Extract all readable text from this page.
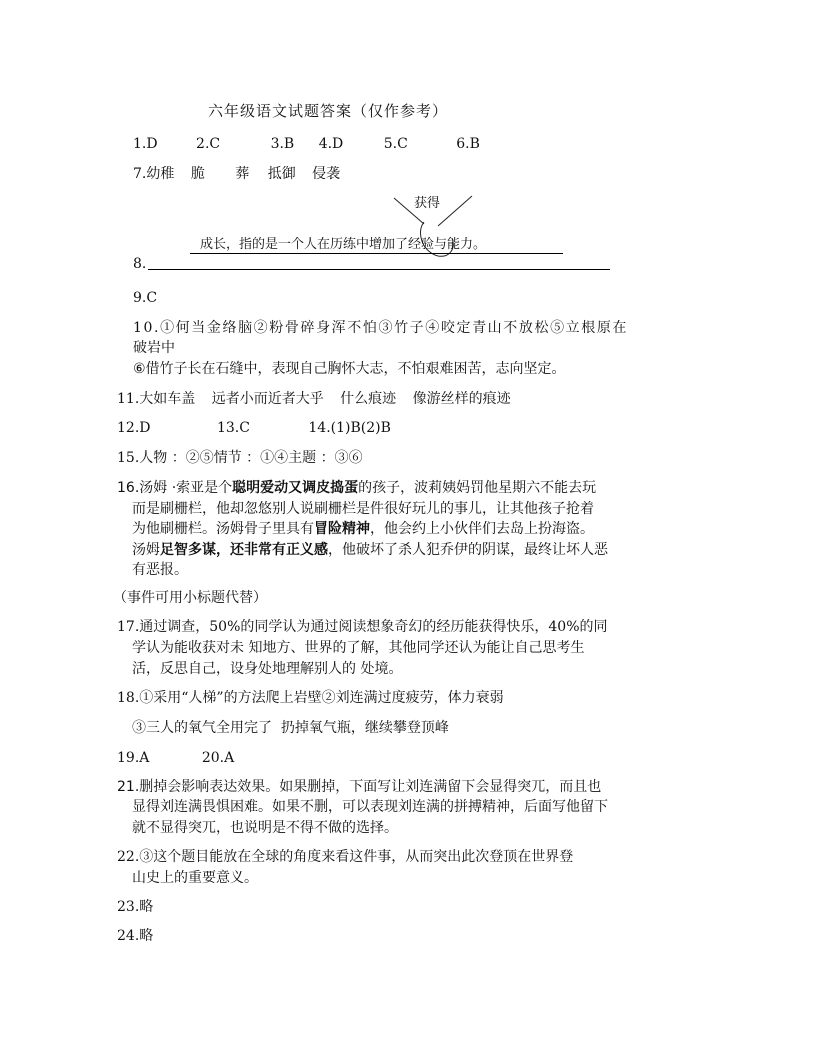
六年级语文试题答案（仅作参考）
1.D	2.C	3.B 4.D	5.C	6.B
7.幼稚 脆 葬 抵御 侵袭
获得
成长，指的是一个人在历练中增加了经验与能力。
8.
9.C
10.①何当金络脑②粉骨碎身浑不怕③竹子④咬定青山不放松⑤立根原在
破岩中
⑥借竹子长在石缝中，表现自己胸怀大志，不怕艰难困苦，志向坚定。
11.大如车盖 远者小而近者大乎 什么痕迹 像游丝样的痕迹
12.D	13.C	14.(1)B(2)B
15.人物 ：②⑤情节 ：①④主题 ：③⑥
16.汤姆 ·索亚是个聪明爱动又调皮捣蛋的孩子，波莉姨妈罚他星期六不能去玩
而是刷栅栏，他却忽悠别人说刷栅栏是件很好玩儿的事儿，让其他孩子抢着
为他刷栅栏。汤姆骨子里具有冒险精神，他会约上小伙伴们去岛上扮海盗。
汤姆足智多谋，还非常有正义感，他破坏了杀人犯乔伊的阴谋，最终让坏人恶
有恶报。
（事件可用小标题代替）
17.通过调查，50%的同学认为通过阅读想象奇幻的经历能获得快乐，40%的同
学认为能收获对未 知地方、世界的了解，其他同学还认为能让自己思考生
活，反思自己，设身处地理解别人的 处境。
18.①采用“人梯”的方法爬上岩壁②刘连满过度疲劳，体力衰弱
③三人的氧气全用完了  扔掉氧气瓶，继续攀登顶峰
19.A	20.A
21.删掉会影响表达效果。如果删掉，下面写让刘连满留下会显得突兀，而且也
显得刘连满畏惧困难。如果不删，可以表现刘连满的拼搏精神，后面写他留下
就不显得突兀，也说明是不得不做的选择。
22.③这个题目能放在全球的角度来看这件事，从而突出此次登顶在世界登
山史上的重要意义。
23.略
24.略
